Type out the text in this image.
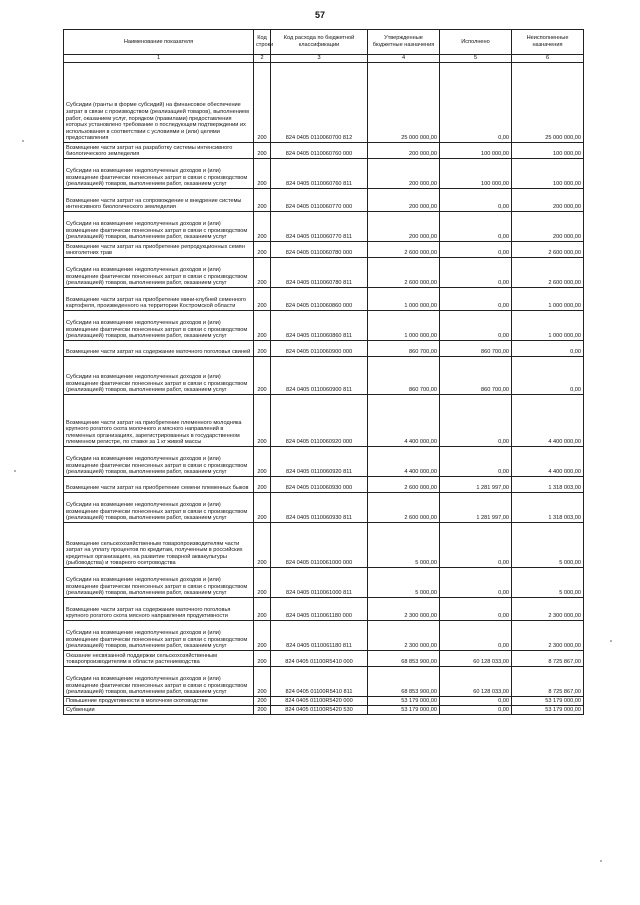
57
Наименование показателя	Код строки	Код расхода по бюджетной классификации	Утвержденные бюджетные назначения	Исполнено	Неисполненные назначения
1	2	3	4	5	6
Субсидии (гранты в форме субсидий) на финансовое обеспечение затрат в связи с производством (реализацией товаров), выполнением работ, оказанием услуг, порядком (правилами) предоставления которых установлено требование о последующем подтверждении их использования в соответствии с условиями и (или) целями предоставления	200	824 0405 0110060700 812	25 000 000,00	0,00	25 000 000,00
Возмещение части затрат на разработку системы интенсивного биологического земледелия	200	824 0405 0110060760 000	200 000,00	100 000,00	100 000,00
Субсидии на возмещение недополученных доходов и (или) возмещение фактически понесенных затрат в связи с производством (реализацией) товаров, выполнением работ, оказанием услуг	200	824 0405 0110060760 811	200 000,00	100 000,00	100 000,00
Возмещение части затрат на сопровождение и внедрение системы интенсивного биологического земледелия	200	824 0405 0110060770 000	200 000,00	0,00	200 000,00
Субсидии на возмещение недополученных доходов и (или) возмещение фактически понесенных затрат в связи с производством (реализацией) товаров, выполнением работ, оказанием услуг	200	824 0405 0110060770 811	200 000,00	0,00	200 000,00
Возмещение части затрат на приобретение репродукционных семян многолетних трав	200	824 0405 0110060780 000	2 600 000,00	0,00	2 600 000,00
Субсидии на возмещение недополученных доходов и (или) возмещение фактически понесенных затрат в связи с производством (реализацией) товаров, выполнением работ, оказанием услуг	200	824 0405 0110060780 811	2 600 000,00	0,00	2 600 000,00
Возмещение части затрат на приобретение мини-клубней семенного картофеля, произведенного на территории Костромской области	200	824 0405 0110060860 000	1 000 000,00	0,00	1 000 000,00
Субсидии на возмещение недополученных доходов и (или) возмещение фактически понесенных затрат в связи с производством (реализацией) товаров, выполнением работ, оказанием услуг	200	824 0405 0110060860 811	1 000 000,00	0,00	1 000 000,00
Возмещение части затрат на содержание маточного поголовья свиней	200	824 0405 0110060900 000	860 700,00	860 700,00	0,00
Субсидии на возмещение недополученных доходов и (или) возмещение фактически понесенных затрат в связи с производством (реализацией) товаров, выполнением работ, оказанием услуг	200	824 0405 0110060900 811	860 700,00	860 700,00	0,00
Возмещение части затрат на приобретение племенного молодняка крупного рогатого скота молочного и мясного направлений в племенных организациях, зарегистрированных в государственном племенном регистре, по ставке за 1 кг живой массы	200	824 0405 0110060920 000	4 400 000,00	0,00	4 400 000,00
Субсидии на возмещение недополученных доходов и (или) возмещение фактически понесенных затрат в связи с производством (реализацией) товаров, выполнением работ, оказанием услуг	200	824 0405 0110060920 811	4 400 000,00	0,00	4 400 000,00
Возмещение части затрат на приобретение семени племенных быков	200	824 0405 0110060930 000	2 600 000,00	1 281 997,00	1 318 003,00
Субсидии на возмещение недополученных доходов и (или) возмещение фактически понесенных затрат в связи с производством (реализацией) товаров, выполнением работ, оказанием услуг	200	824 0405 0110060930 811	2 600 000,00	1 281 997,00	1 318 003,00
Возмещение сельскохозяйственным товаропроизводителям части затрат на уплату процентов по кредитам, полученным в российских кредитных организациях, на развитие товарной аквакультуры (рыбоводства) и товарного осетроводства	200	824 0405 0110061000 000	5 000,00	0,00	5 000,00
Субсидии на возмещение недополученных доходов и (или) возмещение фактически понесенных затрат в связи с производством (реализацией) товаров, выполнением работ, оказанием услуг	200	824 0405 0110061000 811	5 000,00	0,00	5 000,00
Возмещение части затрат на содержание маточного поголовья крупного рогатого скота мясного направления продуктивности	200	824 0405 0110061180 000	2 300 000,00	0,00	2 300 000,00
Субсидии на возмещение недополученных доходов и (или) возмещение фактически понесенных затрат в связи с производством (реализацией) товаров, выполнением работ, оказанием услуг	200	824 0405 0110061180 811	2 300 000,00	0,00	2 300 000,00
Оказание несвязанной поддержки сельскохозяйственным товаропроизводителям в области растениеводства	200	824 0405 01100R5410 000	68 853 900,00	60 128 033,00	8 725 867,00
Субсидии на возмещение недополученных доходов и (или) возмещение фактически понесенных затрат в связи с производством (реализацией) товаров, выполнением работ, оказанием услуг	200	824 0405 01100R5410 811	68 853 900,00	60 128 033,00	8 725 867,00
Повышение продуктивности в молочном скотоводстве	200	824 0405 01100R5420 000	53 179 000,00	0,00	53 179 000,00
Субвенции	200	824 0405 01100R5420 530	53 179 000,00	0,00	53 179 000,00
